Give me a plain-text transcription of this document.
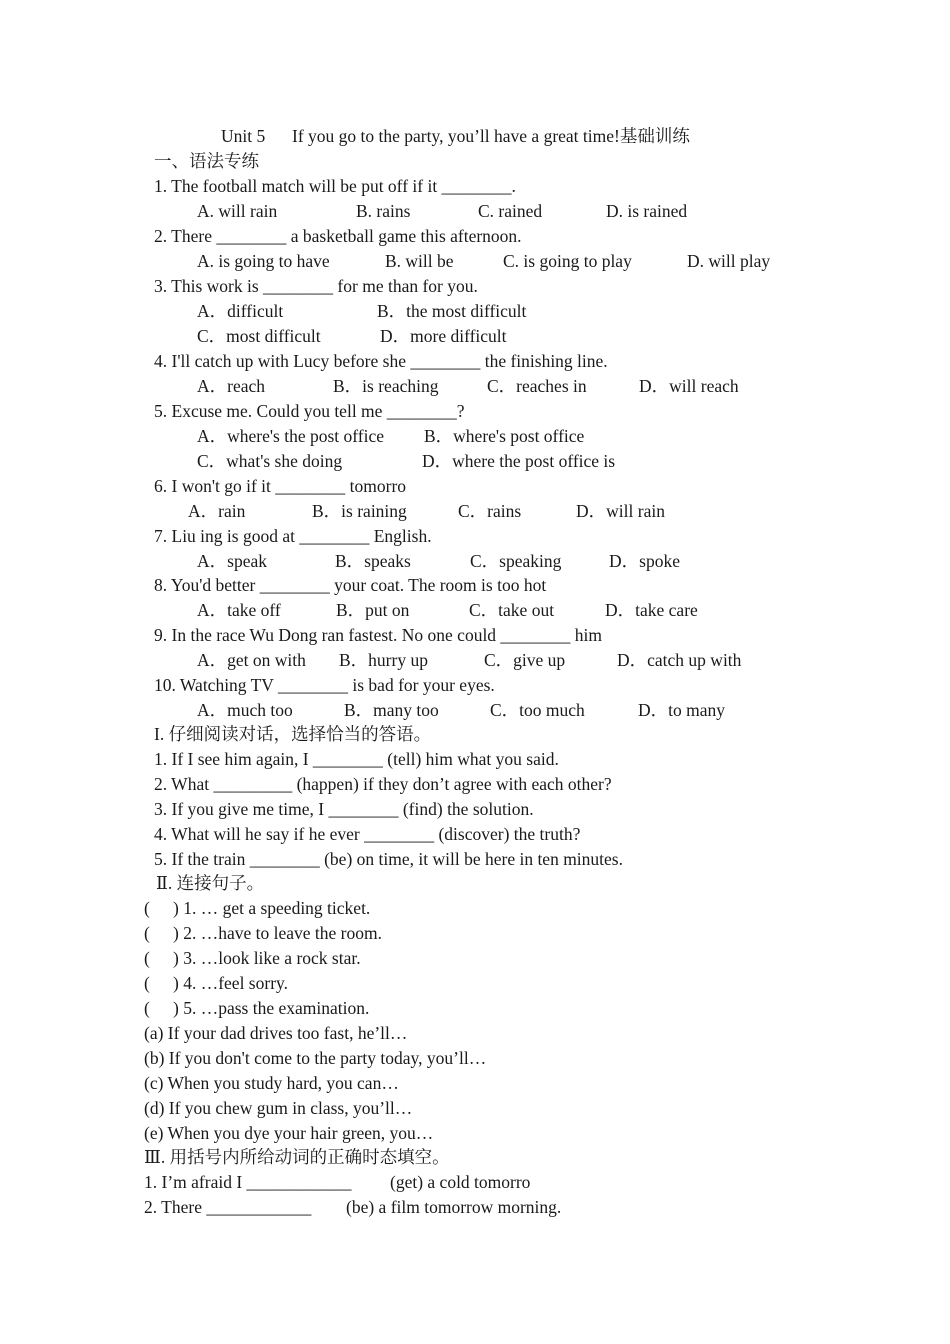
Unit 5 If you go to the party, you’ll have a great time!基础训练
一、语法专练
1. The football match will be put off if it ________.
A. will rain	B. rains	C. rained	D. is rained
2. There ________ a basketball game this afternoon.
A. is going to have	B. will be	C. is going to play	D. will play
3. This work is ________ for me than for you.
A．difficult	B．the most difficult
C．most difficult	D．more difficult
4. I'll catch up with Lucy before she ________ the finishing line.
A．reach	B．is reaching	C．reaches in	D．will reach
5. Excuse me. Could you tell me ________?
A．where's the post office B．where's post office
C．what's she doing	D．where the post office is
6. I won't go if it ________ tomorro
A．rain	B．is raining	C．rains	D．will rain
7. Liu ing is good at ________ English.
A．speak	B．speaks	C．speaking	D．spoke
8. You'd better ________ your coat. The room is too hot
A．take off	B．put on	C．take out	D．take care
9. In the race Wu Dong ran fastest. No one could ________ him
A．get on with B．hurry up	C．give up	D．catch up with
10. Watching TV ________ is bad for your eyes.
A．much too	B．many too	C．too much	D．to many
I. 仔细阅读对话，选择恰当的答语。
1. If I see him again, I ________ (tell) him what you said.
2. What _________ (happen) if they don’t agree with each other?
3. If you give me time, I ________ (find) the solution.
4. What will he say if he ever ________ (discover) the truth?
5. If the train ________ (be) on time, it will be here in ten minutes.
Ⅱ. 连接句子。
( ) 1. … get a speeding ticket.
( ) 2. …have to leave the room.
( ) 3. …look like a rock star.
( ) 4. …feel sorry.
( ) 5. …pass the examination.
(a) If your dad drives too fast, he’ll…
(b) If you don't come to the party today, you’ll…
(c) When you study hard, you can…
(d) If you chew gum in class, you’ll…
(e) When you dye your hair green, you…
Ⅲ. 用括号内所给动词的正确时态填空。
1. I’m afraid I ____________ (get) a cold tomorro
2. There ____________ (be) a film tomorrow morning.
